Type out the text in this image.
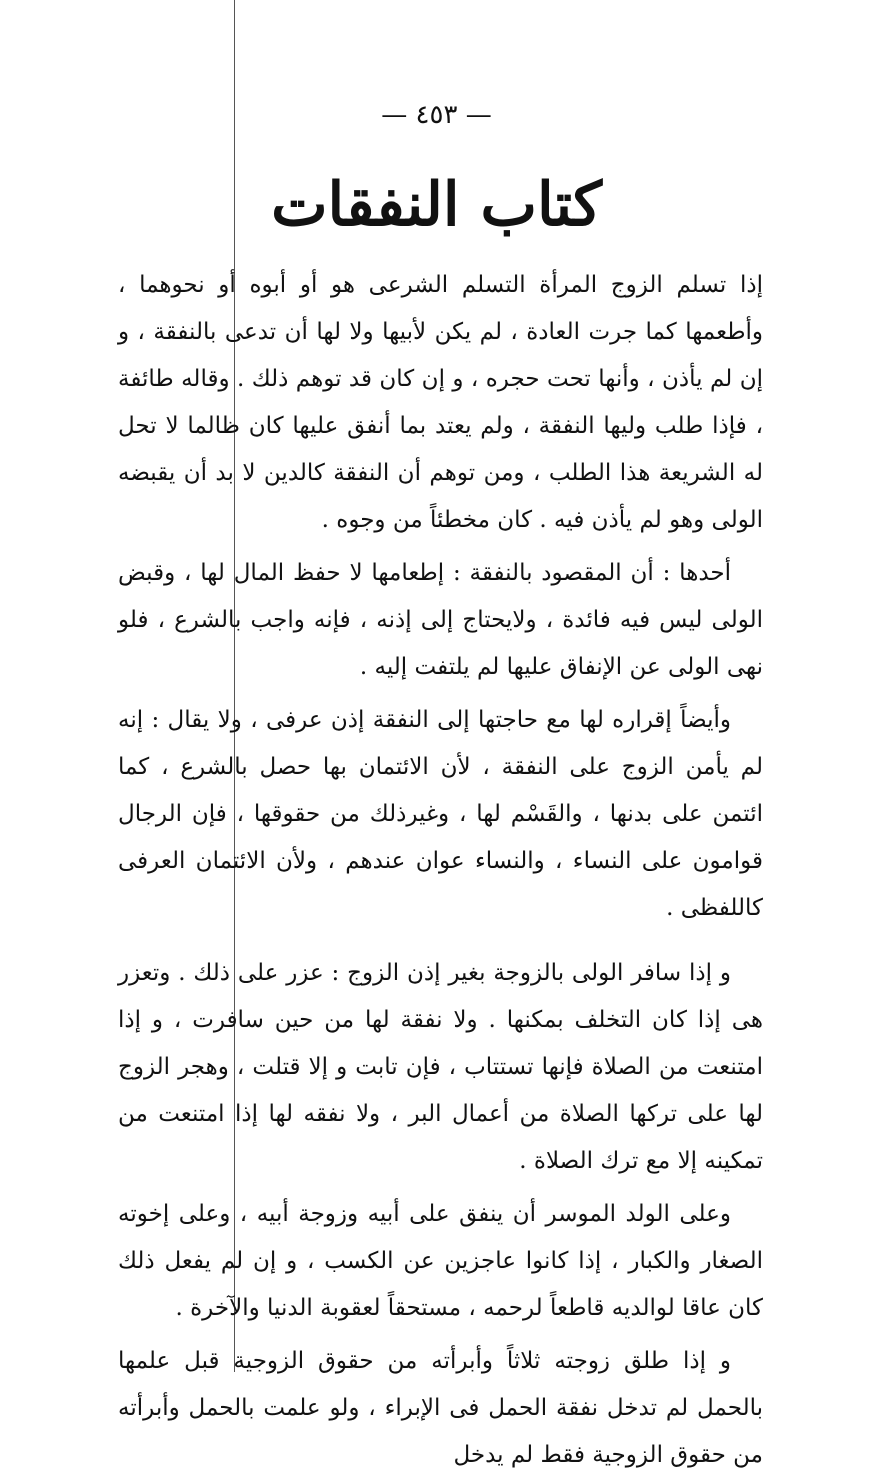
— ٤٥٣ —
كتاب النفقات

إذا تسلم الزوج المرأة التسلم الشرعى هو أو أبوه أو نحوهما ، وأطعمها كما جرت العادة ، لم يكن لأبيها ولا لها أن تدعى بالنفقة ، و إن لم يأذن ، وأنها تحت حجره ، و إن كان قد توهم ذلك . وقاله طائفة ، فإذا طلب وليها النفقة ، ولم يعتد بما أنفق عليها كان ظالما لا تحل له الشريعة هذا الطلب ، ومن توهم أن النفقة كالدين لا بد أن يقبضه الولى وهو لم يأذن فيه . كان مخطئاً من وجوه .

أحدها : أن المقصود بالنفقة : إطعامها لا حفظ المال لها ، وقبض الولى ليس فيه فائدة ، ولايحتاج إلى إذنه ، فإنه واجب بالشرع ، فلو نهى الولى عن الإنفاق عليها لم يلتفت إليه .

وأيضاً إقراره لها مع حاجتها إلى النفقة إذن عرفى ، ولا يقال : إنه لم يأمن الزوج على النفقة ، لأن الائتمان بها حصل بالشرع ، كما ائتمن على بدنها ، والقَسْم لها ، وغيرذلك من حقوقها ، فإن الرجال قوامون على النساء ، والنساء عوان عندهم ، ولأن الائتمان العرفى كاللفظى .

و إذا سافر الولى بالزوجة بغير إذن الزوج : عزر على ذلك . وتعزر هى إذا كان التخلف بمكنها . ولا نفقة لها من حين سافرت ، و إذا امتنعت من الصلاة فإنها تستتاب ، فإن تابت و إلا قتلت ، وهجر الزوج لها على تركها الصلاة من أعمال البر ، ولا نفقه لها إذا امتنعت من تمكينه إلا مع ترك الصلاة .

وعلى الولد الموسر أن ينفق على أبيه وزوجة أبيه ، وعلى إخوته الصغار والكبار ، إذا كانوا عاجزين عن الكسب ، و إن لم يفعل ذلك كان عاقا لوالديه قاطعاً لرحمه ، مستحقاً لعقوبة الدنيا والآخرة .

و إذا طلق زوجته ثلاثاً وأبرأته من حقوق الزوجية قبل علمها بالحمل لم تدخل نفقة الحمل فى الإبراء ، ولو علمت بالحمل وأبرأته من حقوق الزوجية فقط لم يدخل
